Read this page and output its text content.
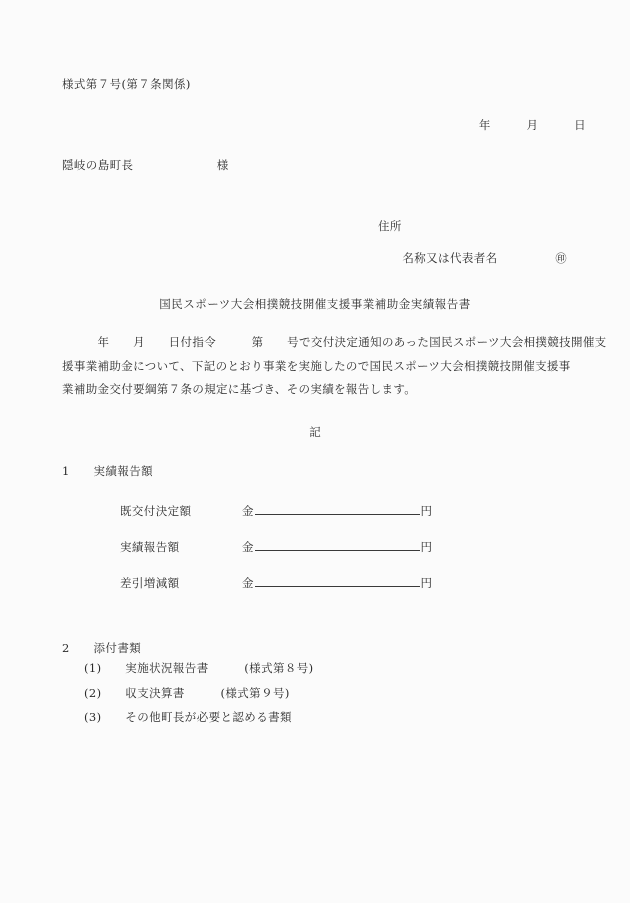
様式第７号(第７条関係)
年　　　月　　　日
隠岐の島町長　　　　　　　様
住所

名称又は代表者名	㊞

国民スポーツ大会相撲競技開催支援事業補助金実績報告書
　　　年　　月　　日付指令　　　第　　号で交付決定通知のあった国民スポーツ大会相撲競技開催支
援事業補助金について、下記のとおり事業を実施したので国民スポーツ大会相撲競技開催支援事
業補助金交付要綱第７条の規定に基づき、その実績を報告します。
記
1　　実績報告額
既交付決定額	金	円
実績報告額	金	円
差引増減額	金	円
2　　添付書類
(1)　　実施状況報告書　　　(様式第８号)
(2)　　収支決算書　　　(様式第９号)
(3)　　その他町長が必要と認める書類
